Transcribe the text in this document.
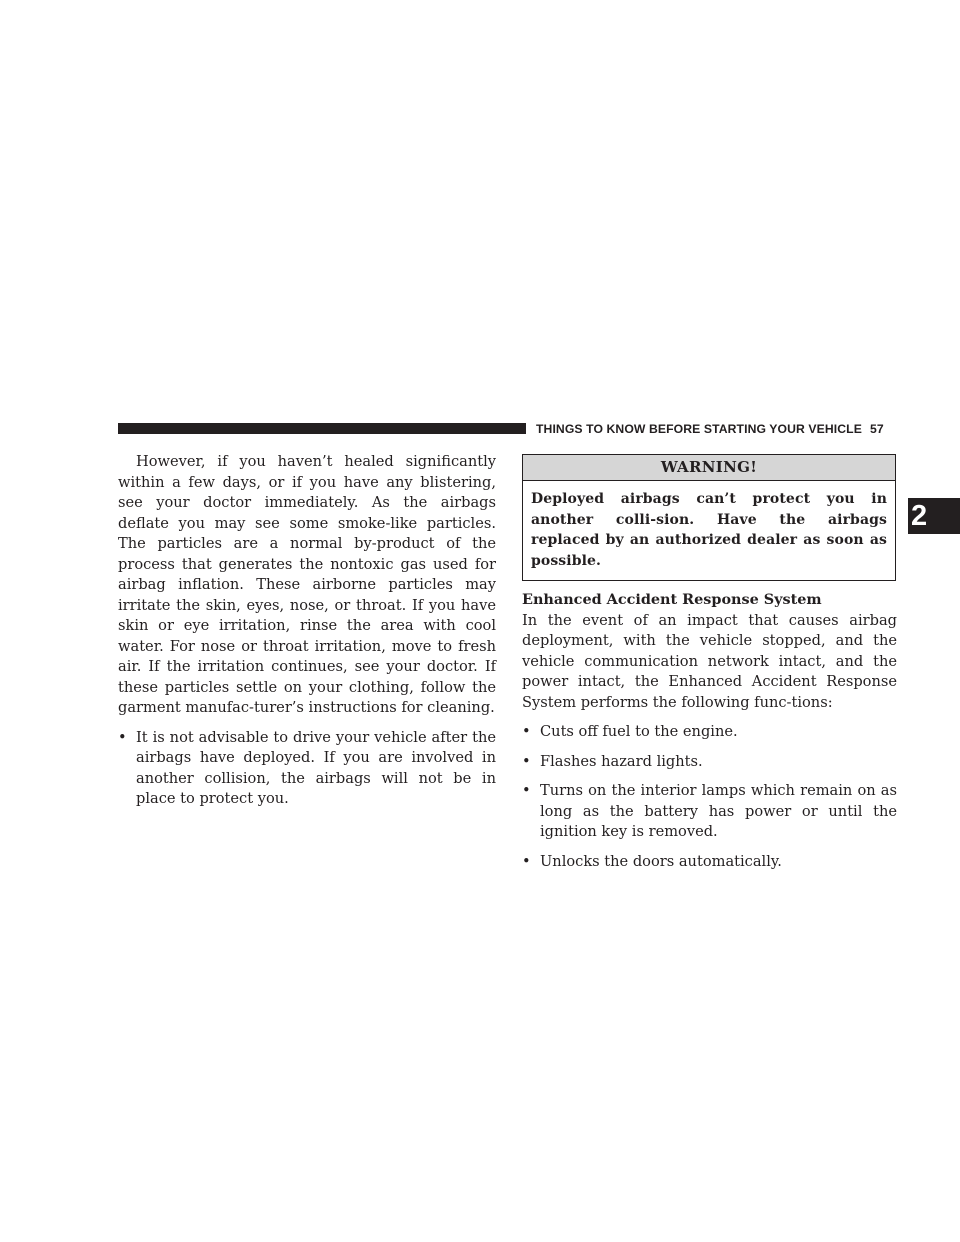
THINGS TO KNOW BEFORE STARTING YOUR VEHICLE 57
2

However, if you haven’t healed significantly within a few days, or if you have any blistering, see your doctor immediately. As the airbags deflate you may see some smoke-like particles. The particles are a normal by-product of the process that generates the nontoxic gas used for airbag inflation. These airborne particles may irritate the skin, eyes, nose, or throat. If you have skin or eye irritation, rinse the area with cool water. For nose or throat irritation, move to fresh air. If the irritation continues, see your doctor. If these particles settle on your clothing, follow the garment manufac-turer’s instructions for cleaning.

• It is not advisable to drive your vehicle after the airbags have deployed. If you are involved in another collision, the airbags will not be in place to protect you.
WARNING!
Deployed airbags can’t protect you in another colli-sion. Have the airbags replaced by an authorized dealer as soon as possible.
Enhanced Accident Response System

In the event of an impact that causes airbag deployment, with the vehicle stopped, and the vehicle communication network intact, and the power intact, the Enhanced Accident Response System performs the following func-tions:

• Cuts off fuel to the engine.
• Flashes hazard lights.
• Turns on the interior lamps which remain on as long as the battery has power or until the ignition key is removed.
• Unlocks the doors automatically.
